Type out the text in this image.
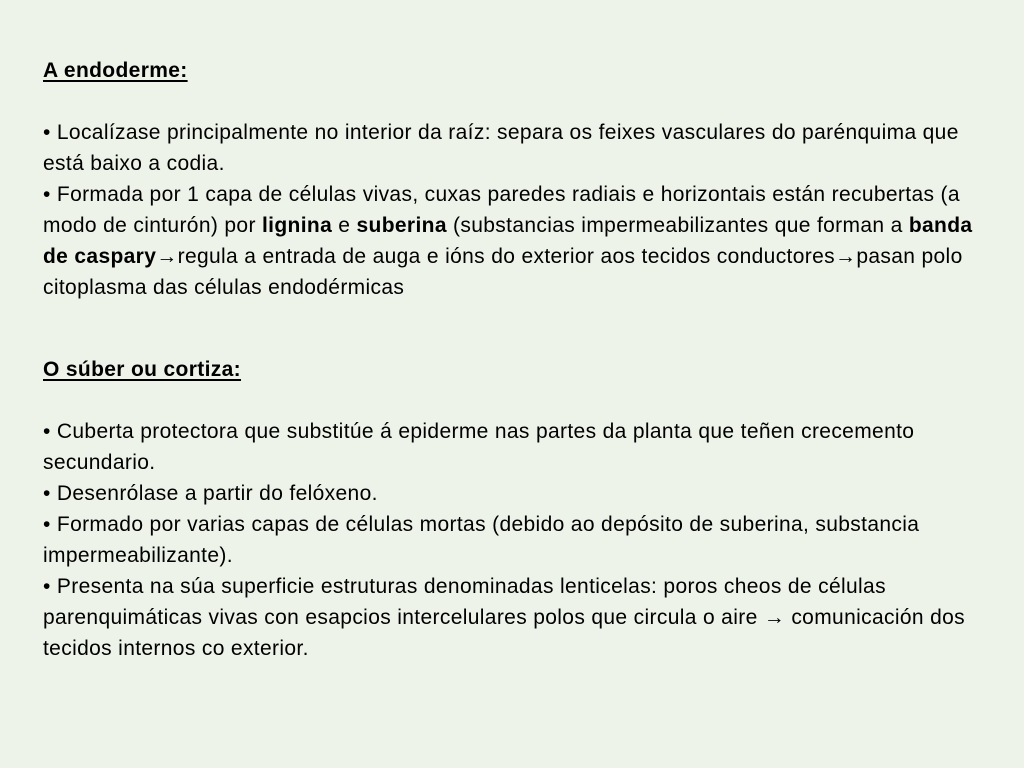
A endoderme:

• Localízase principalmente no interior da raíz: separa os feixes vasculares do parénquima que está baixo a codia.

• Formada por 1 capa de células vivas, cuxas paredes radiais e horizontais están recubertas (a modo de cinturón) por lignina e suberina (substancias impermeabilizantes que forman a banda de caspary→regula a entrada de auga e ións do exterior aos tecidos conductores→pasan polo citoplasma das células endodérmicas

O súber ou cortiza:

• Cuberta protectora que substitúe á epiderme nas partes da planta que teñen crecemento secundario.

• Desenrólase a partir do felóxeno.

• Formado por varias capas de células mortas (debido ao depósito de suberina, substancia impermeabilizante).

• Presenta na súa superficie estruturas denominadas lenticelas: poros cheos de células parenquimáticas vivas con esapcios intercelulares polos que circula o aire → comunicación dos tecidos internos co exterior.
